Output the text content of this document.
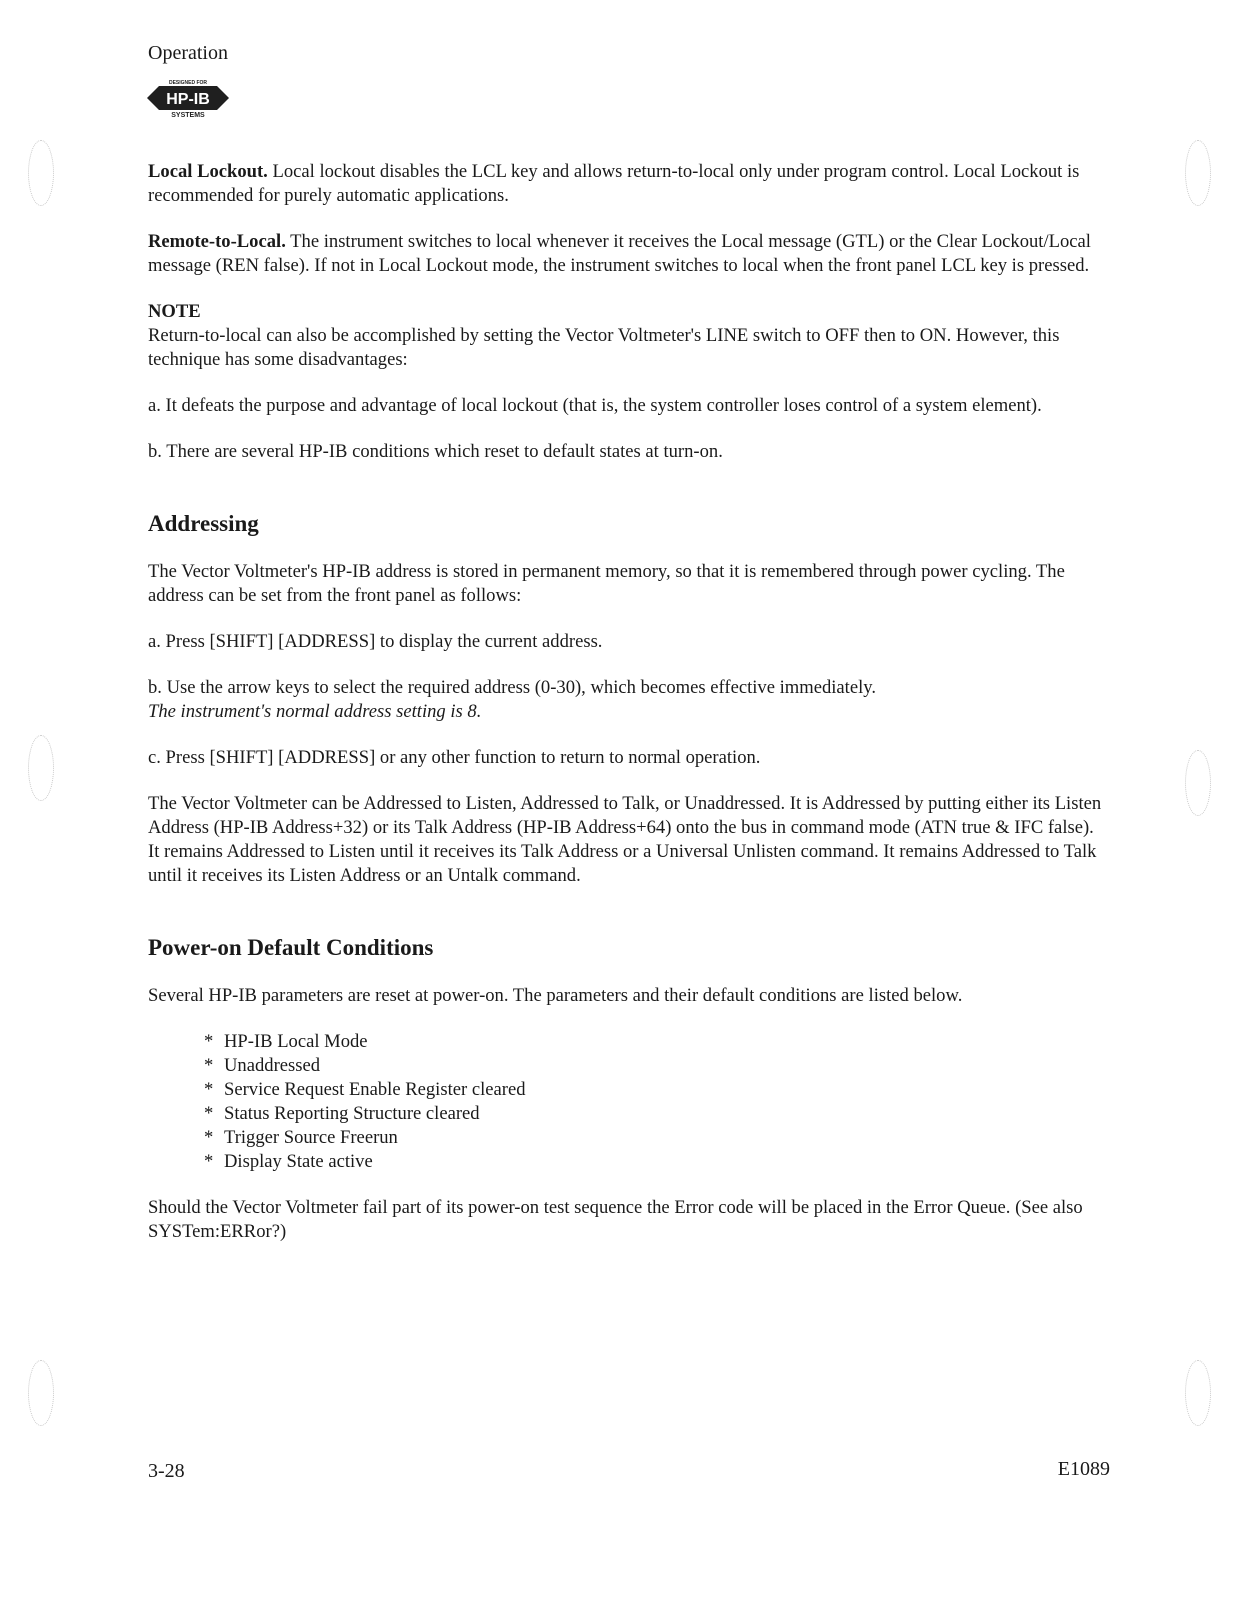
Operation
DESIGNED FOR
HP-IB
SYSTEMS

Local Lockout. Local lockout disables the LCL key and allows return-to-local only under program control. Local Lockout is recommended for purely automatic applications.

Remote-to-Local. The instrument switches to local whenever it receives the Local message (GTL) or the Clear Lockout/Local message (REN false). If not in Local Lockout mode, the instrument switches to local when the front panel LCL key is pressed.

NOTE

Return-to-local can also be accomplished by setting the Vector Voltmeter's LINE switch to OFF then to ON. However, this technique has some disadvantages:

a. It defeats the purpose and advantage of local lockout (that is, the system controller loses control of a system element).

b. There are several HP-IB conditions which reset to default states at turn-on.

Addressing

The Vector Voltmeter's HP-IB address is stored in permanent memory, so that it is remembered through power cycling. The address can be set from the front panel as follows:

a. Press [SHIFT] [ADDRESS] to display the current address.

b. Use the arrow keys to select the required address (0-30), which becomes effective immediately.

The instrument's normal address setting is 8.

c. Press [SHIFT] [ADDRESS] or any other function to return to normal operation.

The Vector Voltmeter can be Addressed to Listen, Addressed to Talk, or Unaddressed. It is Addressed by putting either its Listen Address (HP-IB Address+32) or its Talk Address (HP-IB Address+64) onto the bus in command mode (ATN true & IFC false). It remains Addressed to Listen until it receives its Talk Address or a Universal Unlisten command. It remains Addressed to Talk until it receives its Listen Address or an Untalk command.

Power-on Default Conditions

Several HP-IB parameters are reset at power-on. The parameters and their default conditions are listed below.

* HP-IB Local Mode
* Unaddressed
* Service Request Enable Register cleared
* Status Reporting Structure cleared
* Trigger Source Freerun
* Display State active

Should the Vector Voltmeter fail part of its power-on test sequence the Error code will be placed in the Error Queue. (See also SYSTem:ERRor?)

3-28	E1089
